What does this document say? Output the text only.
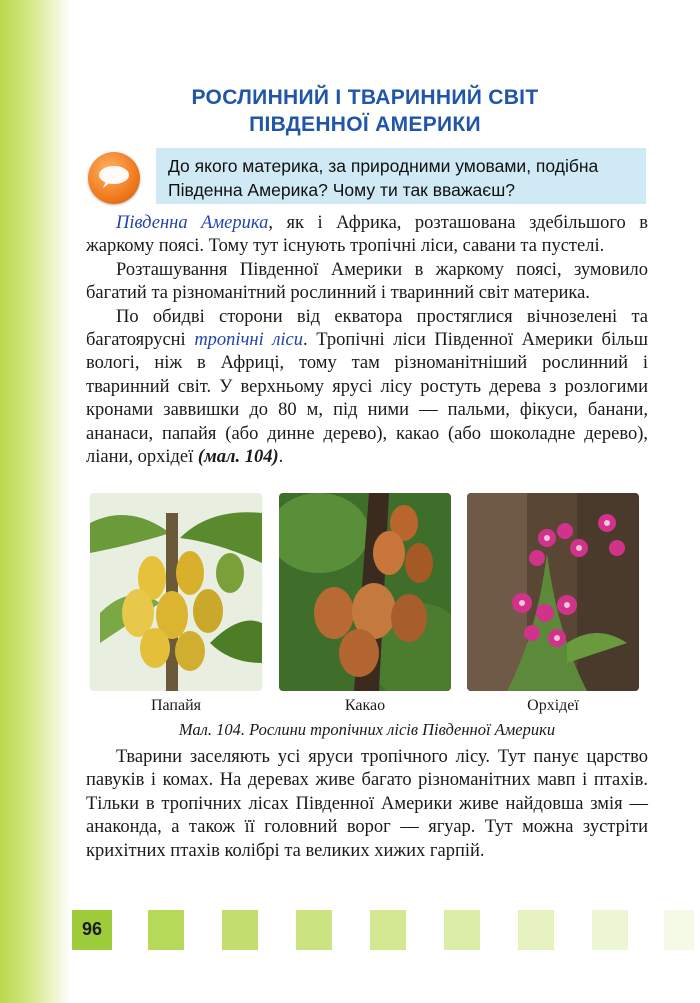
РОСЛИННИЙ І ТВАРИННИЙ СВІТ
ПІВДЕННОЇ АМЕРИКИ
До якого материка, за природними умовами, подібна
Південна Америка? Чому ти так вважаєш?

Південна Америка, як і Африка, розташована здебільшого в жаркому поясі. Тому тут існують тропічні ліси, савани та пустелі.

Розташування Південної Америки в жаркому поясі, зумовило багатий та різноманітний рослинний і тваринний світ материка.

По обидві сторони від екватора простяглися вічнозелені та багатоярусні тропічні ліси. Тропічні ліси Південної Америки більш вологі, ніж в Африці, тому там різноманітніший рослинний і тваринний світ. У верхньому ярусі лісу ростуть дерева з розлогими кронами заввишки до 80 м, під ними — пальми, фікуси, банани, ананаси, папайя (або динне дерево), какао (або шоколадне дерево), ліани, орхідеї (мал. 104).

Папайя	Какао	Орхідеї
Мал. 104. Рослини тропічних лісів Південної Америки

Тварини заселяють усі яруси тропічного лісу. Тут панує царство павуків і комах. На деревах живе багато різноманітних мавп і птахів. Тільки в тропічних лісах Південної Америки живе найдовша змія — анаконда, а також її головний ворог — ягуар. Тут можна зустріти крихітних птахів колібрі та великих хижих гарпій.

96
